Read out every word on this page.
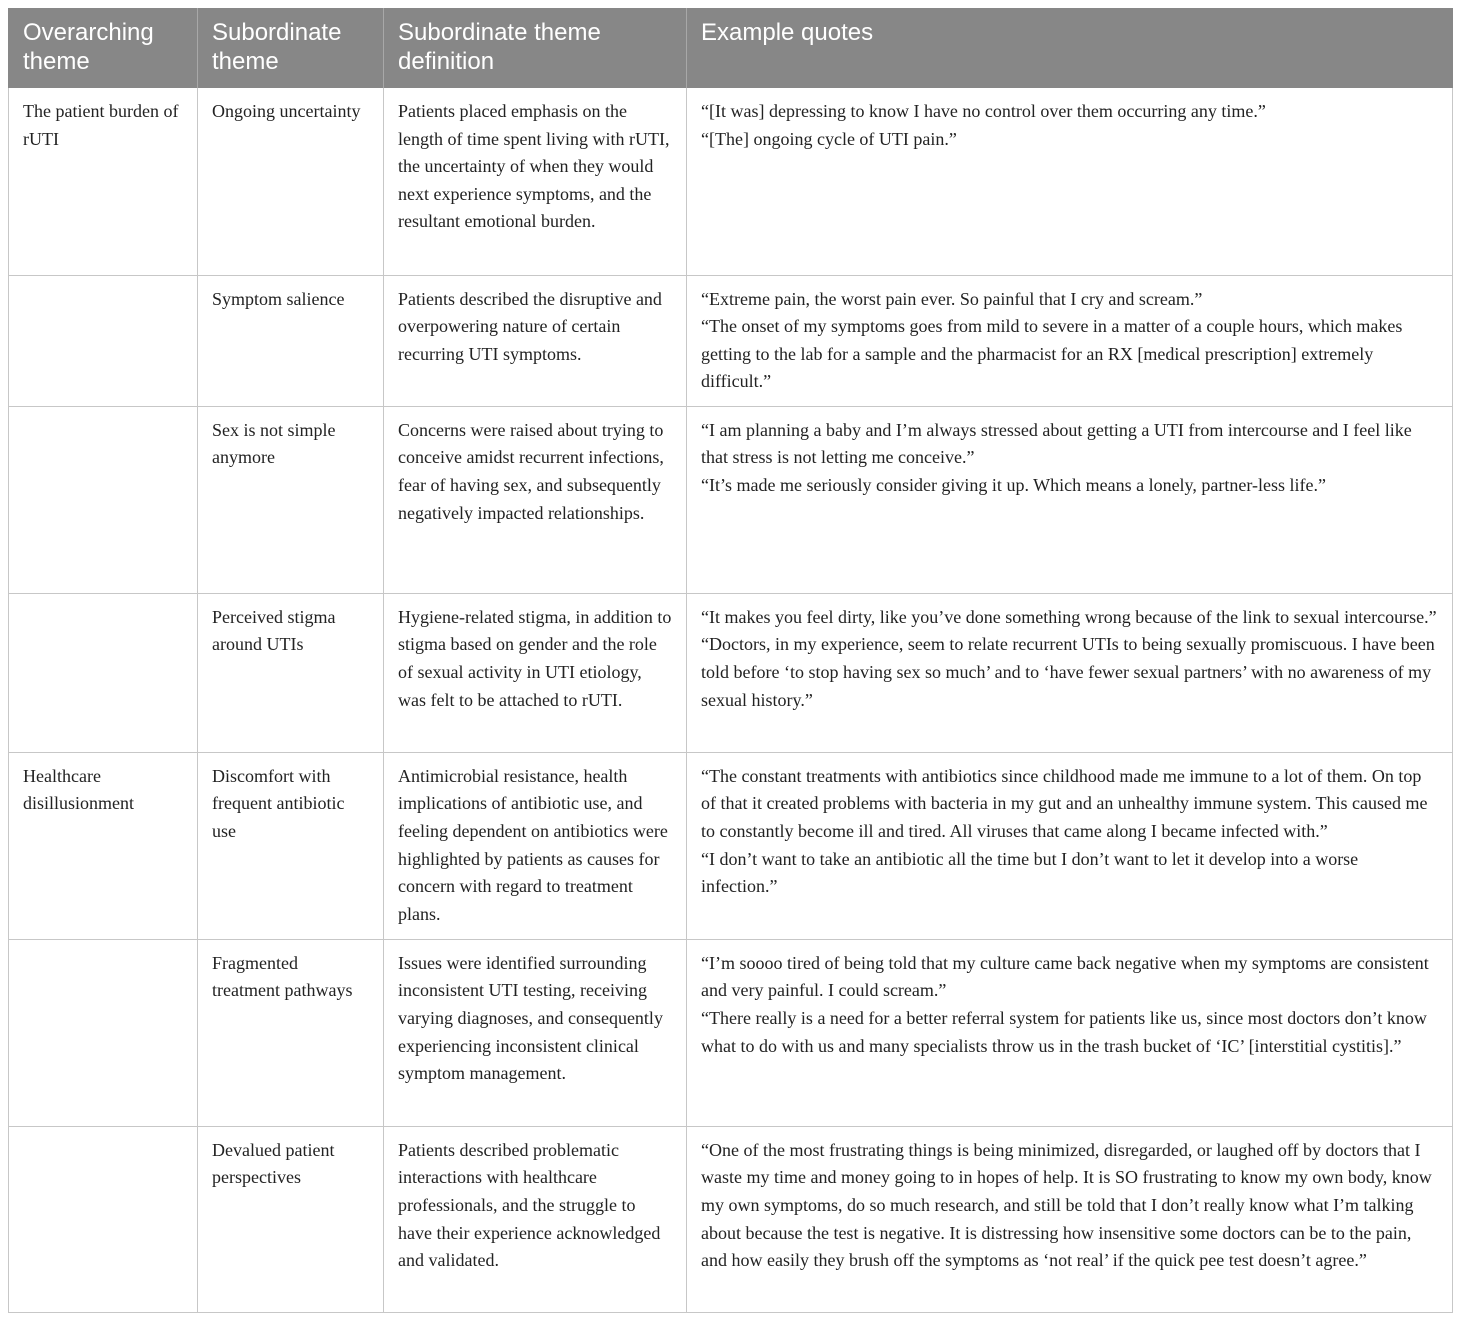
Overarching theme	Subordinate theme	Subordinate theme definition	Example quotes
The patient burden of rUTI	Ongoing uncertainty	Patients placed emphasis on the length of time spent living with rUTI, the uncertainty of when they would next experience symptoms, and the resultant emotional burden.	“[It was] depressing to know I have no control over them occurring any time.”
“[The] ongoing cycle of UTI pain.”

	Symptom salience	Patients described the disruptive and overpowering nature of certain recurring UTI symptoms.	“Extreme pain, the worst pain ever. So painful that I cry and scream.”
“The onset of my symptoms goes from mild to severe in a matter of a couple hours, which makes getting to the lab for a sample and the pharmacist for an RX [medical prescription] extremely difficult.”

	Sex is not simple anymore	Concerns were raised about trying to conceive amidst recurrent infections, fear of having sex, and subsequently negatively impacted relationships.	“I am planning a baby and I’m always stressed about getting a UTI from intercourse and I feel like that stress is not letting me conceive.”
“It’s made me seriously consider giving it up. Which means a lonely, partner-less life.”

	Perceived stigma around UTIs	Hygiene-related stigma, in addition to stigma based on gender and the role of sexual activity in UTI etiology, was felt to be attached to rUTI.	“It makes you feel dirty, like you’ve done something wrong because of the link to sexual intercourse.”
“Doctors, in my experience, seem to relate recurrent UTIs to being sexually promiscuous. I have been told before ‘to stop having sex so much’ and to ‘have fewer sexual partners’ with no awareness of my sexual history.”

Healthcare disillusionment	Discomfort with frequent antibiotic use	Antimicrobial resistance, health implications of antibiotic use, and feeling dependent on antibiotics were highlighted by patients as causes for concern with regard to treatment plans.	“The constant treatments with antibiotics since childhood made me immune to a lot of them. On top of that it created problems with bacteria in my gut and an unhealthy immune system. This caused me to constantly become ill and tired. All viruses that came along I became infected with.”
“I don’t want to take an antibiotic all the time but I don’t want to let it develop into a worse infection.”

	Fragmented treatment pathways	Issues were identified surrounding inconsistent UTI testing, receiving varying diagnoses, and consequently experiencing inconsistent clinical symptom management.	“I’m soooo tired of being told that my culture came back negative when my symptoms are consistent and very painful. I could scream.”
“There really is a need for a better referral system for patients like us, since most doctors don’t know what to do with us and many specialists throw us in the trash bucket of ‘IC’ [interstitial cystitis].”

	Devalued patient perspectives	Patients described problematic interactions with healthcare professionals, and the struggle to have their experience acknowledged and validated.	“One of the most frustrating things is being minimized, disregarded, or laughed off by doctors that I waste my time and money going to in hopes of help. It is SO frustrating to know my own body, know my own symptoms, do so much research, and still be told that I don’t really know what I’m talking about because the test is negative. It is distressing how insensitive some doctors can be to the pain, and how easily they brush off the symptoms as ‘not real’ if the quick pee test doesn’t agree.”
